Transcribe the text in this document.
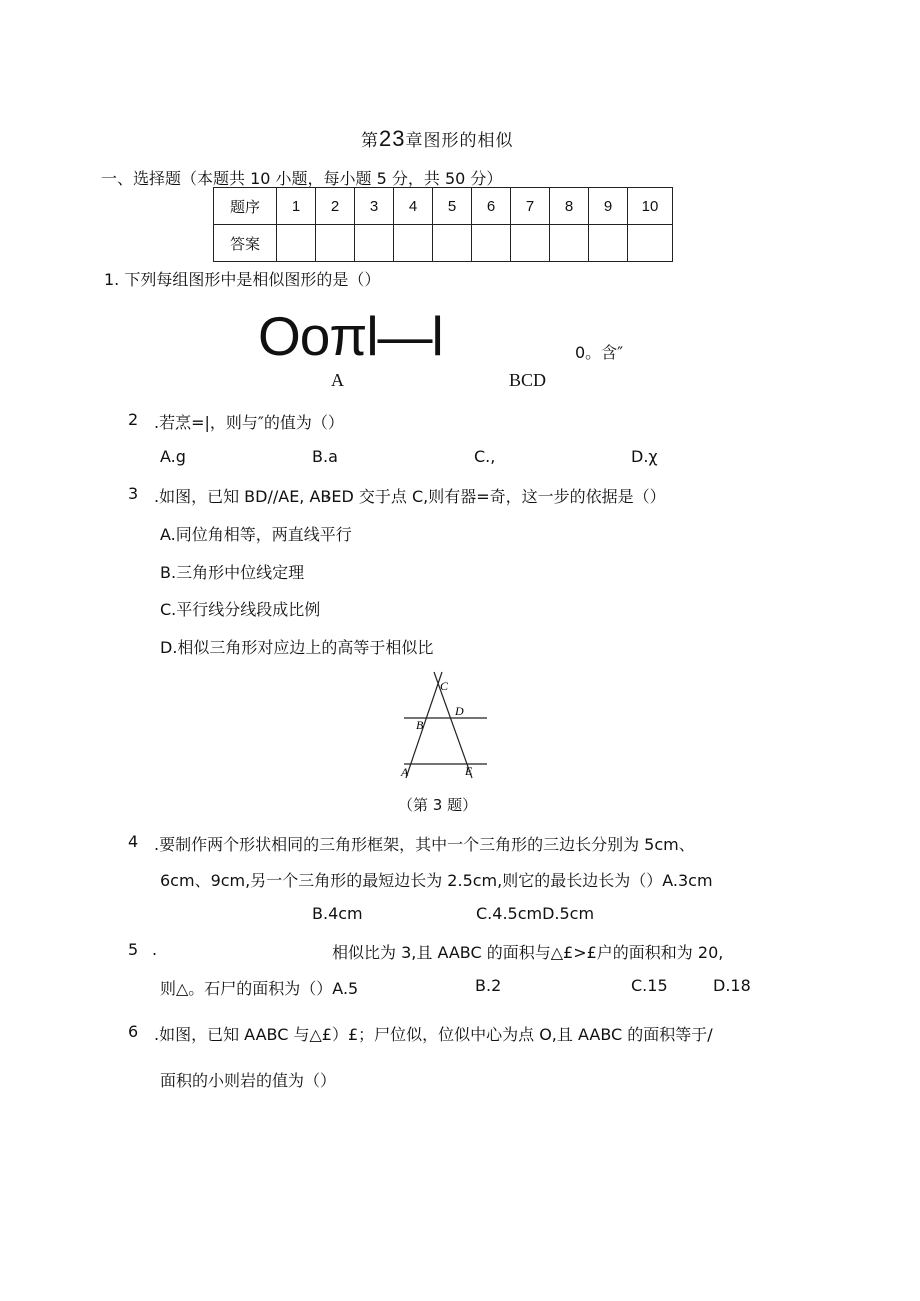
第23章图形的相似
一、选择题（本题共 10 小题，每小题 5 分，共 50 分）
题序	1	2	3	4	5	6	7	8	9	10
答案										
1. 下列每组图形中是相似图形的是（）
Ooπl—l	0。含″
A	BCD
2 .若烹=|，则与″的值为（）
A.g	B.a	C.,	D.χ
3 .如图，已知 BD//AE, AB̵ED 交于点 C,则有器=奇，这一步的依据是（）
A.同位角相等，两直线平行
B.三角形中位线定理
C.平行线分线段成比例
D.相似三角形对应边上的高等于相似比
C
D
B
A	E
（第 3 题）
4 .要制作两个形状相同的三角形框架，其中一个三角形的三边长分别为 5cm、
6cm、9cm,另一个三角形的最短边长为 2.5cm,则它的最长边长为（）A.3cm
B.4cm	C.4.5cmD.5cm
5 .	相似比为 3,且 AABC 的面积与△£>£户的面积和为 20,
则△。石尸的面积为（）A.5	B.2	C.15	D.18
6 .如图，已知 AABC 与△£）£；尸位似，位似中心为点 O,且 AABC 的面积等于/
面积的小则岩的值为（）
